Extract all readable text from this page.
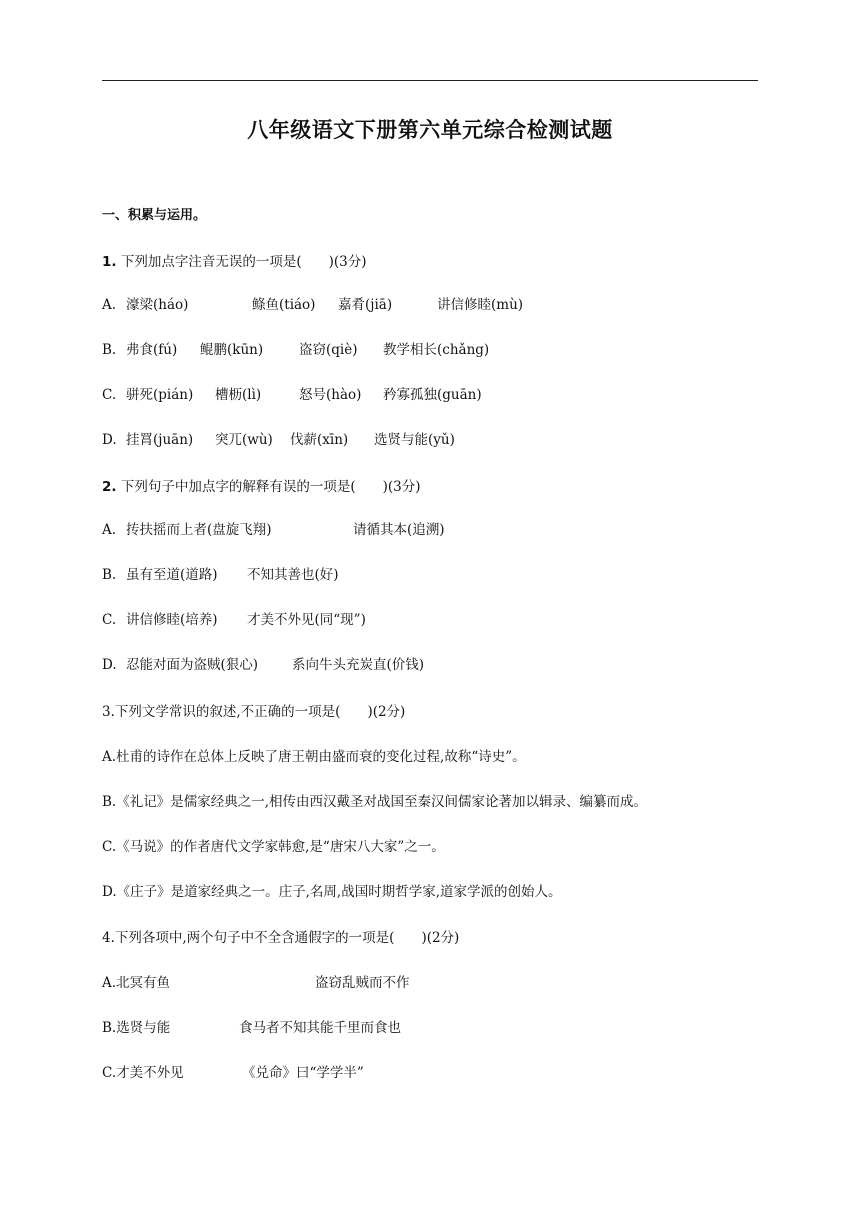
八年级语文下册第六单元综合检测试题
一、积累与运用。
1. 下列加点字注音无误的一项是(　　)(3分)
A. 濠梁(háo)	鲦鱼(tiáo) 嘉肴(jiā)	讲信修睦(mù)
B. 弗食(fú) 鲲鹏(kūn)	盗窃(qiè) 教学相长(chǎng)
C. 骈死(pián) 槽枥(lì)	怒号(hào) 矜寡孤独(guān)
D. 挂罥(juān) 突兀(wù) 伐薪(xīn) 选贤与能(yǔ)
2. 下列句子中加点字的解释有误的一项是(　　)(3分)
A. 抟扶摇而上者(盘旋飞翔)	请循其本(追溯)
B. 虽有至道(道路) 不知其善也(好)
C. 讲信修睦(培养) 才美不外见(同“现”)
D. 忍能对面为盗贼(狠心)	系向牛头充炭直(价钱)
3.下列文学常识的叙述,不正确的一项是(　　)(2分)
A.杜甫的诗作在总体上反映了唐王朝由盛而衰的变化过程,故称“诗史”。
B.《礼记》是儒家经典之一,相传由西汉戴圣对战国至秦汉间儒家论著加以辑录、编纂而成。
C.《马说》的作者唐代文学家韩愈,是“唐宋八大家”之一。
D.《庄子》是道家经典之一。庄子,名周,战国时期哲学家,道家学派的创始人。
4.下列各项中,两个句子中不全含通假字的一项是(　　)(2分)
A.北冥有鱼	盗窃乱贼而不作
B.选贤与能	食马者不知其能千里而食也
C.才美不外见	《兑命》曰“学学半”
